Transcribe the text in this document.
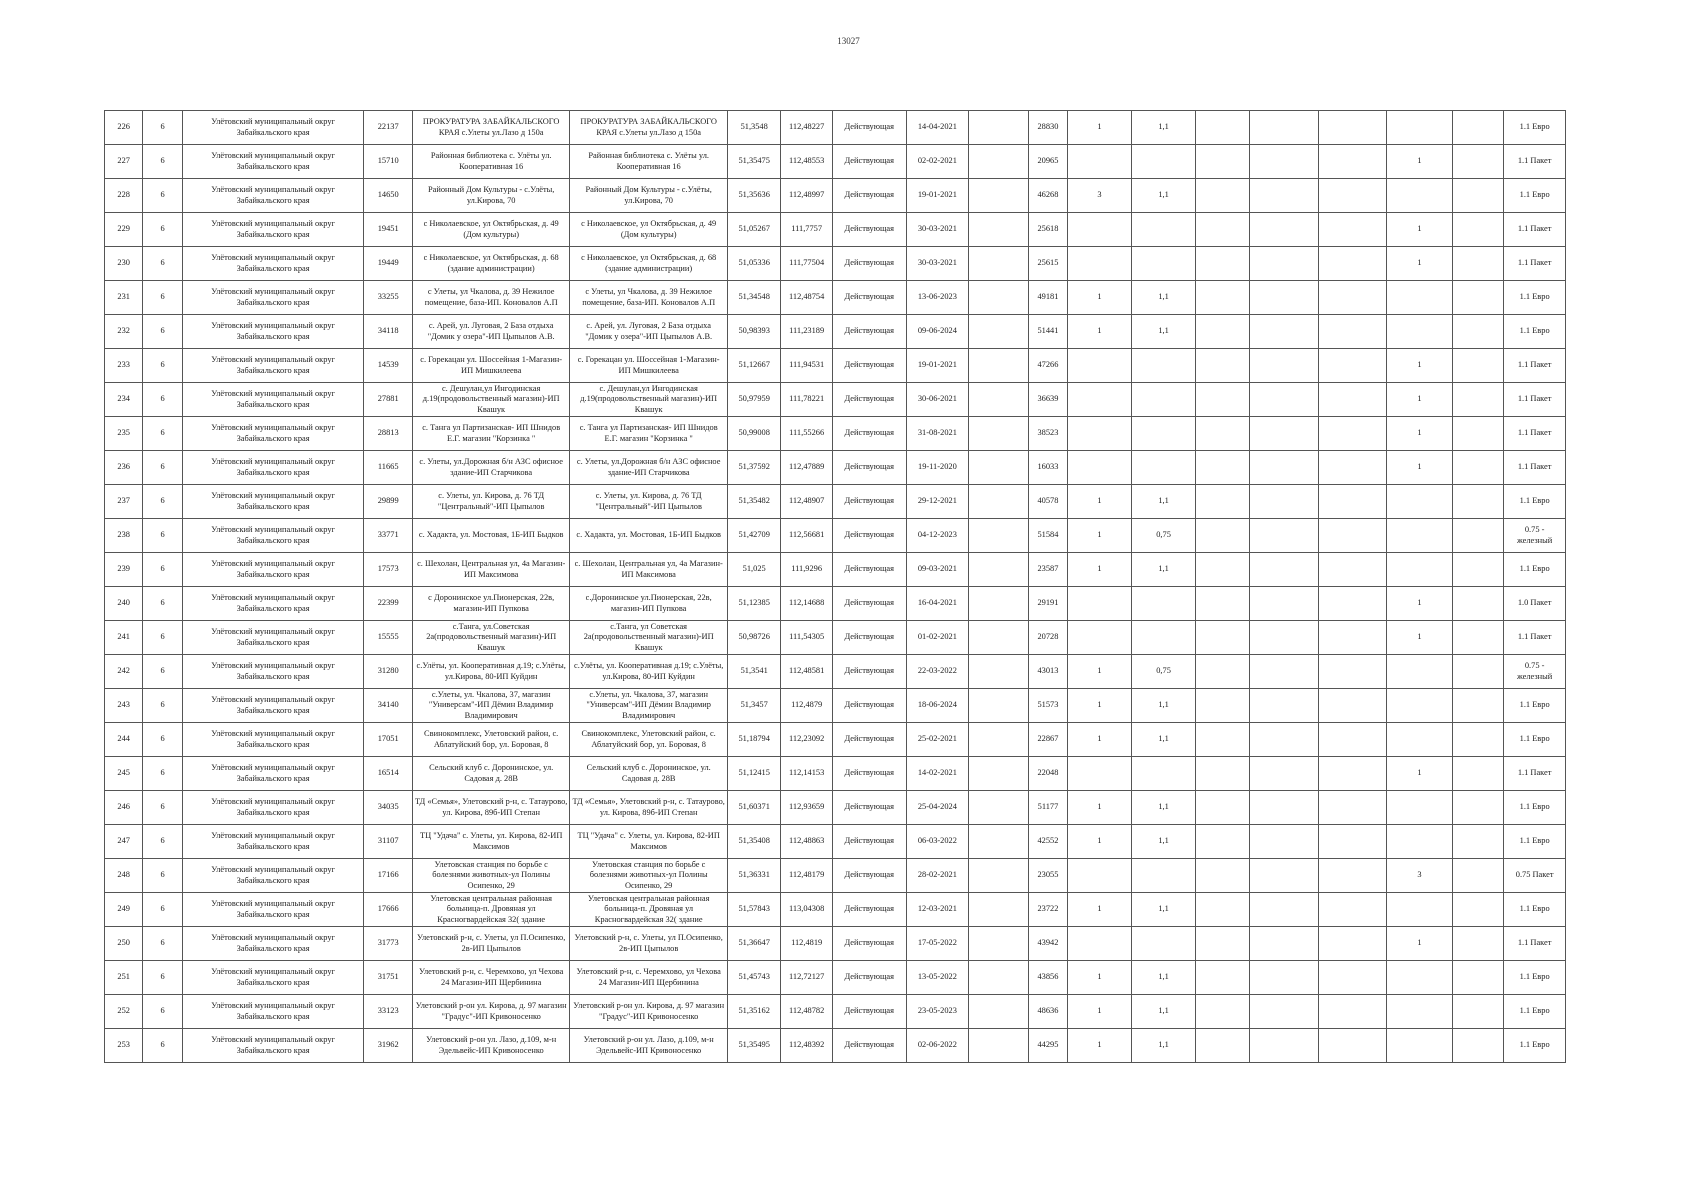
13027
226	6	Улётовский муниципальный округ Забайкальского края	22137	ПРОКУРАТУРА ЗАБАЙКАЛЬСКОГО КРАЯ с.Улеты ул.Лазо д 150а	ПРОКУРАТУРА ЗАБАЙКАЛЬСКОГО КРАЯ с.Улеты ул.Лазо д 150а	51,3548	112,48227	Действующая	14-04-2021		28830	1	1,1						1.1 Евро
227	6	Улётовский муниципальный округ Забайкальского края	15710	Районная библиотека с. Улёты ул. Кооперативная 16	Районная библиотека с. Улёты ул. Кооперативная 16	51,35475	112,48553	Действующая	02-02-2021		20965						1		1.1 Пакет
228	6	Улётовский муниципальный округ Забайкальского края	14650	Районный Дом Культуры - с.Улёты, ул.Кирова, 70	Районный Дом Культуры - с.Улёты, ул.Кирова, 70	51,35636	112,48997	Действующая	19-01-2021		46268	3	1,1						1.1 Евро
229	6	Улётовский муниципальный округ Забайкальского края	19451	с Николаевское, ул Октябрьская, д. 49 (Дом культуры)	с Николаевское, ул Октябрьская, д. 49 (Дом культуры)	51,05267	111,7757	Действующая	30-03-2021		25618						1		1.1 Пакет
230	6	Улётовский муниципальный округ Забайкальского края	19449	с Николаевское, ул Октябрьская, д. 68 (здание администрации)	с Николаевское, ул Октябрьская, д. 68 (здание администрации)	51,05336	111,77504	Действующая	30-03-2021		25615						1		1.1 Пакет
231	6	Улётовский муниципальный округ Забайкальского края	33255	с Улеты, ул Чкалова, д. 39 Нежилое помещение, база-ИП. Коновалов А.П	с Улеты, ул Чкалова, д. 39 Нежилое помещение, база-ИП. Коновалов А.П	51,34548	112,48754	Действующая	13-06-2023		49181	1	1,1						1.1 Евро
232	6	Улётовский муниципальный округ Забайкальского края	34118	с. Арей, ул. Луговая, 2 База отдыха "Домик у озера"-ИП Цыпылов А.В.	с. Арей, ул. Луговая, 2 База отдыха "Домик у озера"-ИП Цыпылов А.В.	50,98393	111,23189	Действующая	09-06-2024		51441	1	1,1						1.1 Евро
233	6	Улётовский муниципальный округ Забайкальского края	14539	с. Горекацан ул. Шоссейная 1-Магазин-ИП Мишкилеева	с. Горекацан ул. Шоссейная 1-Магазин-ИП Мишкилеева	51,12667	111,94531	Действующая	19-01-2021		47266						1		1.1 Пакет
234	6	Улётовский муниципальный округ Забайкальского края	27881	с. Дешулан,ул Ингодинская д.19(продовольственный магазин)-ИП Квашук	с. Дешулан,ул Ингодинская д.19(продовольственный магазин)-ИП Квашук	50,97959	111,78221	Действующая	30-06-2021		36639						1		1.1 Пакет
235	6	Улётовский муниципальный округ Забайкальского края	28813	с. Танга ул Партизанская- ИП Шнидов Е.Г. магазин "Корзинка "	с. Танга ул Партизанская- ИП Шнидов Е.Г. магазин "Корзинка "	50,99008	111,55266	Действующая	31-08-2021		38523						1		1.1 Пакет
236	6	Улётовский муниципальный округ Забайкальского края	11665	с. Улеты, ул.Дорожная б/н АЗС офисное здание-ИП Старчикова	с. Улеты, ул.Дорожная б/н АЗС офисное здание-ИП Старчикова	51,37592	112,47889	Действующая	19-11-2020		16033						1		1.1 Пакет
237	6	Улётовский муниципальный округ Забайкальского края	29899	с. Улеты, ул. Кирова, д. 76 ТД "Центральный"-ИП Цыпылов	с. Улеты, ул. Кирова, д. 76 ТД "Центральный"-ИП Цыпылов	51,35482	112,48907	Действующая	29-12-2021		40578	1	1,1						1.1 Евро
238	6	Улётовский муниципальный округ Забайкальского края	33771	с. Хадакта, ул. Мостовая, 1Б-ИП Быдков	с. Хадакта, ул. Мостовая, 1Б-ИП Быдков	51,42709	112,56681	Действующая	04-12-2023		51584	1	0,75						0.75 - железный
239	6	Улётовский муниципальный округ Забайкальского края	17573	с. Шехолан, Центральная ул, 4а Магазин-ИП Максимова	с. Шехолан, Центральная ул, 4а Магазин-ИП Максимова	51,025	111,9296	Действующая	09-03-2021		23587	1	1,1						1.1 Евро
240	6	Улётовский муниципальный округ Забайкальского края	22399	с Доронинское ул.Пионерская, 22в, магазин-ИП Пупкова	с.Доронинское ул.Пионерская, 22в, магазин-ИП Пупкова	51,12385	112,14688	Действующая	16-04-2021		29191						1		1.0 Пакет
241	6	Улётовский муниципальный округ Забайкальского края	15555	с.Танга, ул.Советская 2а(продовольственный магазин)-ИП Квашук	с.Танга, ул Советская 2а(продовольственный магазин)-ИП Квашук	50,98726	111,54305	Действующая	01-02-2021		20728						1		1.1 Пакет
242	6	Улётовский муниципальный округ Забайкальского края	31280	с.Улёты, ул. Кооперативная д.19; с.Улёты, ул.Кирова, 80-ИП Куйдин	с.Улёты, ул. Кооперативная д.19; с.Улёты, ул.Кирова, 80-ИП Куйдин	51,3541	112,48581	Действующая	22-03-2022		43013	1	0,75						0.75 - железный
243	6	Улётовский муниципальный округ Забайкальского края	34140	с.Улеты, ул. Чкалова, 37, магазин "Универсам"-ИП Дёмин Владимир Владимирович	с.Улеты, ул. Чкалова, 37, магазин "Универсам"-ИП Дёмин Владимир Владимирович	51,3457	112,4879	Действующая	18-06-2024		51573	1	1,1						1.1 Евро
244	6	Улётовский муниципальный округ Забайкальского края	17051	Свинокомплекс, Улетовский район, с. Аблатуйский бор, ул. Боровая, 8	Свинокомплекс, Улетовский район, с. Аблатуйский бор, ул. Боровая, 8	51,18794	112,23092	Действующая	25-02-2021		22867	1	1,1						1.1 Евро
245	6	Улётовский муниципальный округ Забайкальского края	16514	Сельский клуб с. Доронинское, ул. Садовая д. 28В	Сельский клуб с. Доронинское, ул. Садовая д. 28В	51,12415	112,14153	Действующая	14-02-2021		22048						1		1.1 Пакет
246	6	Улётовский муниципальный округ Забайкальского края	34035	ТД «Семья», Улетовский р-н, с. Татаурово, ул. Кирова, 89б-ИП Степан	ТД «Семья», Улетовский р-н, с. Татаурово, ул. Кирова, 89б-ИП Степан	51,60371	112,93659	Действующая	25-04-2024		51177	1	1,1						1.1 Евро
247	6	Улётовский муниципальный округ Забайкальского края	31107	ТЦ "Удача" с. Улеты, ул. Кирова, 82-ИП Максимов	ТЦ "Удача" с. Улеты, ул. Кирова, 82-ИП Максимов	51,35408	112,48863	Действующая	06-03-2022		42552	1	1,1						1.1 Евро
248	6	Улётовский муниципальный округ Забайкальского края	17166	Улетовская станция по борьбе с болезнями животных-ул Полины Осипенко, 29	Улетовская станция по борьбе с болезнями животных-ул Полины Осипенко, 29	51,36331	112,48179	Действующая	28-02-2021		23055						3		0.75 Пакет
249	6	Улётовский муниципальный округ Забайкальского края	17666	Улетовская центральная районная больница-п. Дровяная ул Красногвардейская 32( здание	Улетовская центральная районная больница-п. Дровяная ул Красногвардейская 32( здание	51,57843	113,04308	Действующая	12-03-2021		23722	1	1,1						1.1 Евро
250	6	Улётовский муниципальный округ Забайкальского края	31773	Улетовский р-н, с. Улеты, ул П.Осипенко, 2в-ИП Цыпылов	Улетовский р-н, с. Улеты, ул П.Осипенко, 2в-ИП Цыпылов	51,36647	112,4819	Действующая	17-05-2022		43942						1		1.1 Пакет
251	6	Улётовский муниципальный округ Забайкальского края	31751	Улетовский р-н, с. Черемхово, ул Чехова 24 Магазин-ИП Щербинина	Улетовский р-н, с. Черемхово, ул Чехова 24 Магазин-ИП Щербинина	51,45743	112,72127	Действующая	13-05-2022		43856	1	1,1						1.1 Евро
252	6	Улётовский муниципальный округ Забайкальского края	33123	Улетовский р-он ул. Кирова, д. 97 магазин "Градус"-ИП Кривоносенко	Улетовский р-он ул. Кирова, д. 97 магазин "Градус"-ИП Кривоносенко	51,35162	112,48782	Действующая	23-05-2023		48636	1	1,1						1.1 Евро
253	6	Улётовский муниципальный округ Забайкальского края	31962	Улетовский р-он ул. Лазо, д.109, м-н Эдельвейс-ИП Кривоносенко	Улетовский р-он ул. Лазо, д.109, м-н Эдельвейс-ИП Кривоносенко	51,35495	112,48392	Действующая	02-06-2022		44295	1	1,1						1.1 Евро
